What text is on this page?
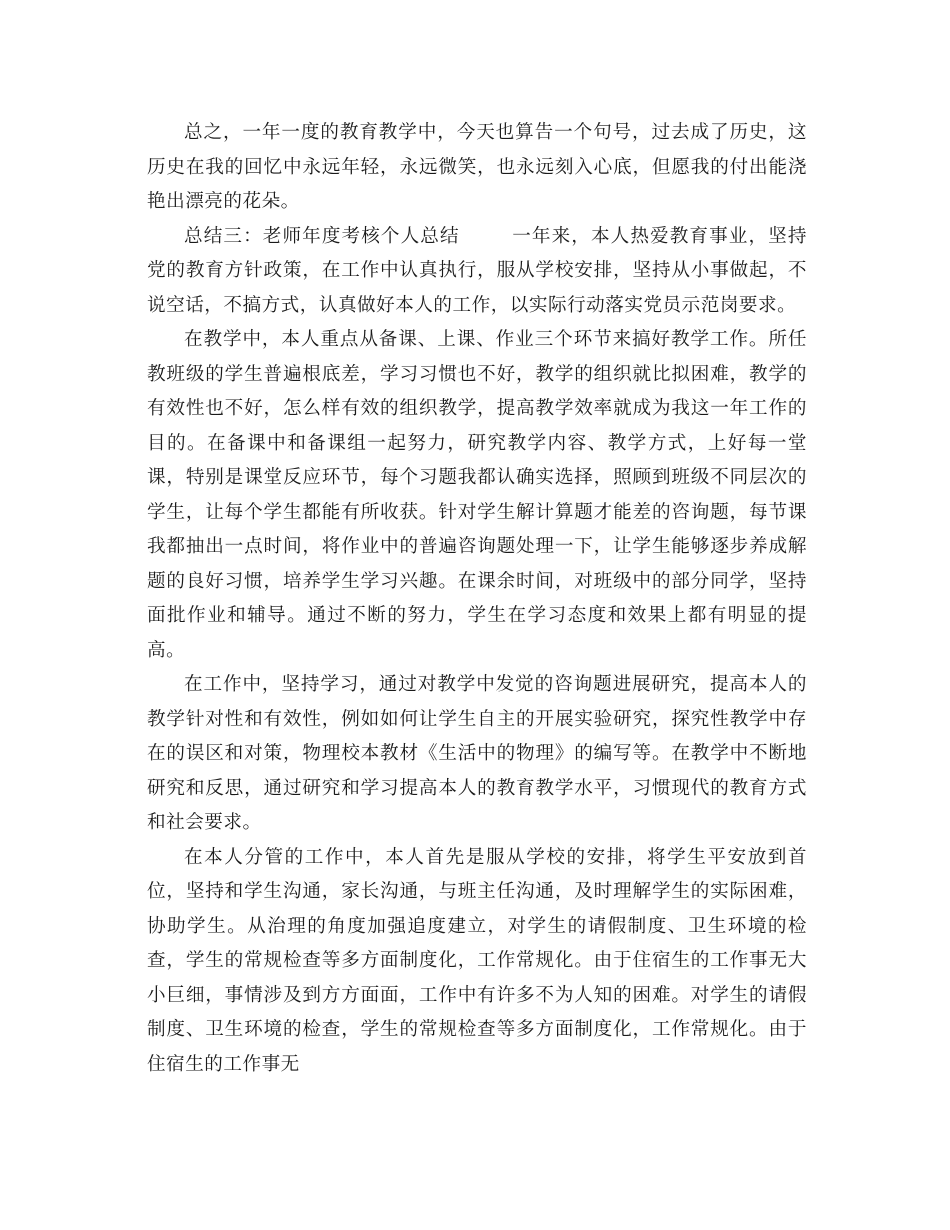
总之，一年一度的教育教学中，今天也算告一个句号，过去成了历史，这历史在我的回忆中永远年轻，永远微笑，也永远刻入心底，但愿我的付出能浇艳出漂亮的花朵。

总结三：老师年度考核个人总结	一年来，本人热爱教育事业，坚持党的教育方针政策，在工作中认真执行，服从学校安排，坚持从小事做起，不说空话，不搞方式，认真做好本人的工作，以实际行动落实党员示范岗要求。

在教学中，本人重点从备课、上课、作业三个环节来搞好教学工作。所任教班级的学生普遍根底差，学习习惯也不好，教学的组织就比拟困难，教学的有效性也不好，怎么样有效的组织教学，提高教学效率就成为我这一年工作的目的。在备课中和备课组一起努力，研究教学内容、教学方式，上好每一堂课，特别是课堂反应环节，每个习题我都认确实选择，照顾到班级不同层次的学生，让每个学生都能有所收获。针对学生解计算题才能差的咨询题，每节课我都抽出一点时间，将作业中的普遍咨询题处理一下，让学生能够逐步养成解题的良好习惯，培养学生学习兴趣。在课余时间，对班级中的部分同学，坚持面批作业和辅导。通过不断的努力，学生在学习态度和效果上都有明显的提高。

在工作中，坚持学习，通过对教学中发觉的咨询题进展研究，提高本人的教学针对性和有效性，例如如何让学生自主的开展实验研究，探究性教学中存在的误区和对策，物理校本教材《生活中的物理》的编写等。在教学中不断地研究和反思，通过研究和学习提高本人的教育教学水平，习惯现代的教育方式和社会要求。

在本人分管的工作中，本人首先是服从学校的安排，将学生平安放到首位，坚持和学生沟通，家长沟通，与班主任沟通，及时理解学生的实际困难，协助学生。从治理的角度加强追度建立，对学生的请假制度、卫生环境的检查，学生的常规检查等多方面制度化，工作常规化。由于住宿生的工作事无大小巨细，事情涉及到方方面面，工作中有许多不为人知的困难。对学生的请假制度、卫生环境的检查，学生的常规检查等多方面制度化，工作常规化。由于住宿生的工作事无
